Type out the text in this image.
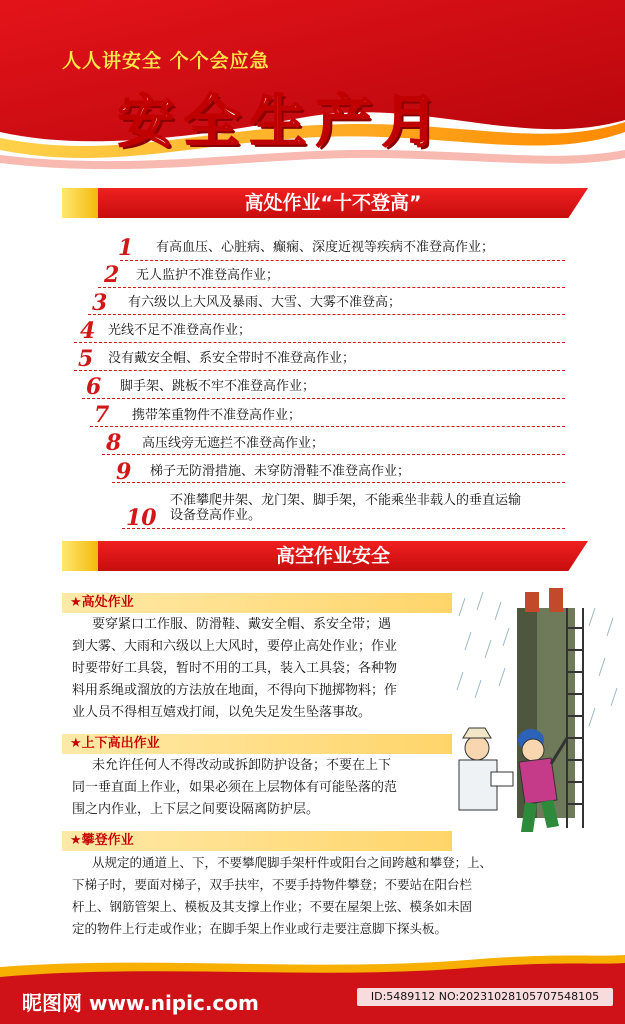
人人讲安全 个个会应急
安全生产月
高处作业“十不登高”
1 有高血压、心脏病、癫痫、深度近视等疾病不准登高作业；
2 无人监护不准登高作业；
3 有六级以上大风及暴雨、大雪、大雾不准登高；
4 光线不足不准登高作业；
5 没有戴安全帽、系安全带时不准登高作业；
6 脚手架、跳板不牢不准登高作业；
7 携带笨重物件不准登高作业；
8 高压线旁无遮拦不准登高作业；
9 梯子无防滑措施、未穿防滑鞋不准登高作业；
10
不准攀爬井架、龙门架、脚手架，不能乘坐非载人的垂直运输设备登高作业。
高空作业安全
★高处作业
要穿紧口工作服、防滑鞋、戴安全帽、系安全带；遇
到大雾、大雨和六级以上大风时，要停止高处作业；作业
时要带好工具袋，暂时不用的工具，装入工具袋；各种物
料用系绳或溜放的方法放在地面，不得向下抛掷物料；作
业人员不得相互嬉戏打闹，以免失足发生坠落事故。
★上下高出作业
未允许任何人不得改动或拆卸防护设备；不要在上下
同一垂直面上作业，如果必须在上层物体有可能坠落的范
围之内作业，上下层之间要设隔离防护层。
★攀登作业
从规定的通道上、下，不要攀爬脚手架杆件或阳台之间跨越和攀登；上、
下梯子时，要面对梯子，双手扶牢，不要手持物件攀登；不要站在阳台栏
杆上、钢筋管架上、模板及其支撑上作业；不要在屋架上弦、模条如未固
定的物件上行走或作业；在脚手架上作业或行走要注意脚下探头板。
昵图网 www.nipic.com	ID:5489112 NO:20231028105707548105
